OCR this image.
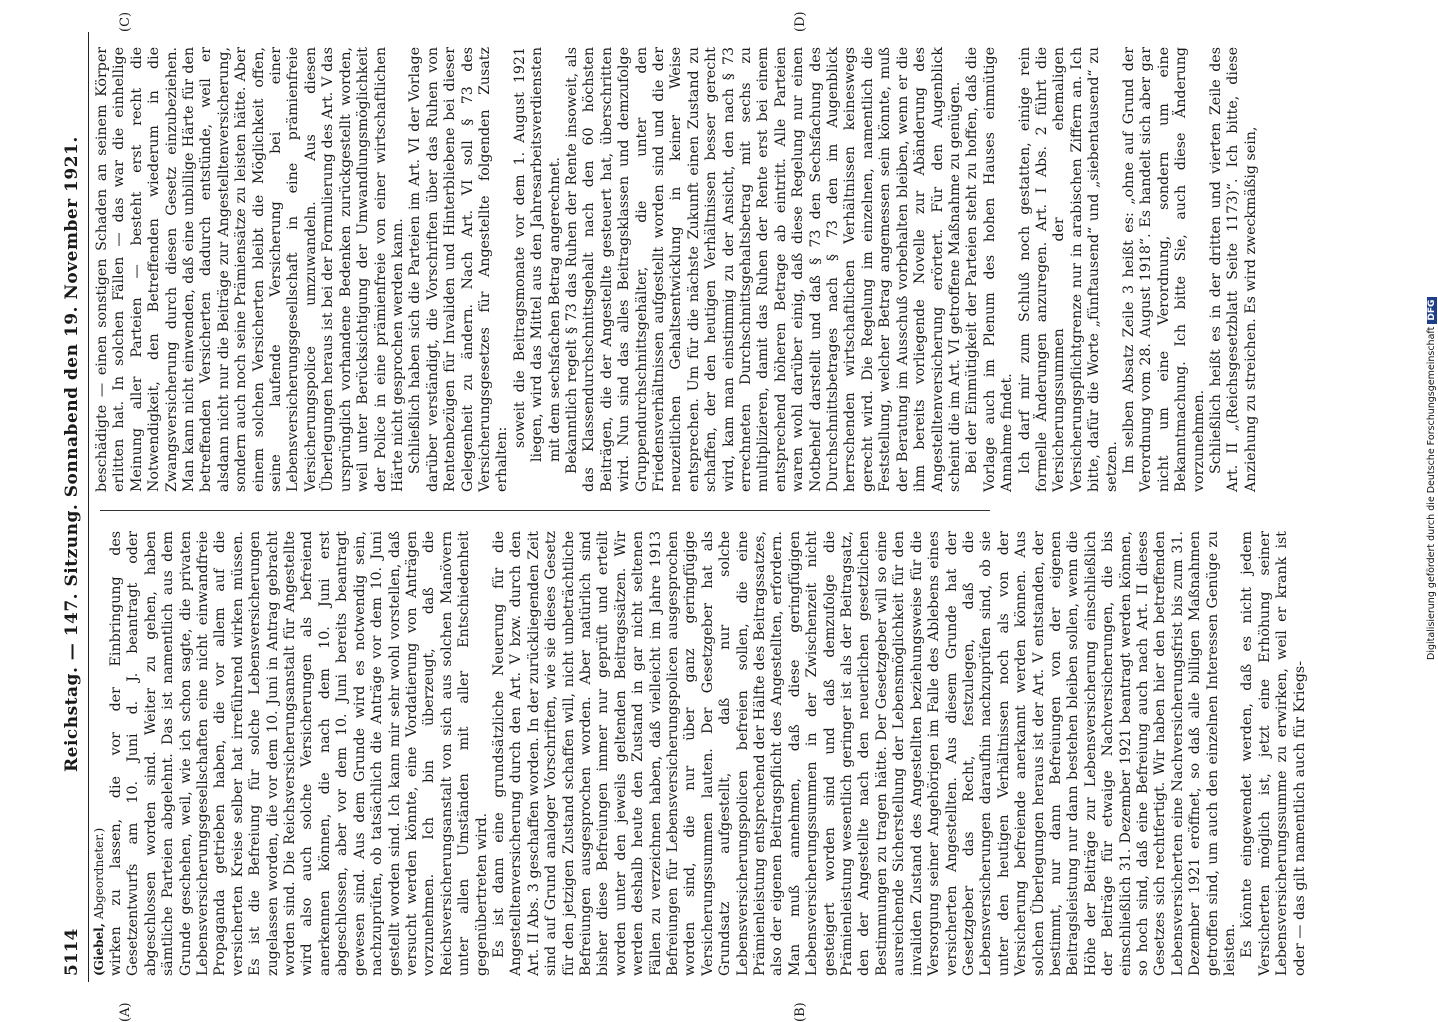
5114
Reichstag. — 147. Sitzung. Sonnabend den 19. November 1921.
(Giebel, Abgeordneter.) wirken zu lassen, die vor der Einbringung des Gesetzentwurfs am 10. Juni d. J. beantragt oder abgeschlossen worden sind. Weiter zu gehen, haben sämtliche Parteien abgelehnt. Das ist namentlich aus dem Grunde geschehen, weil, wie ich schon sagte, die privaten Lebensversicherungsgesellschaften eine nicht einwandfreie Propaganda getrieben haben, die vor allem auf die versicherten Kreise selber hat irreführend wirken müssen. Es ist die Befreiung für solche Lebensversicherungen zugelassen worden, die vor dem 10. Juni in Antrag gebracht worden sind. Die Reichsversicherungsanstalt für Angestellte wird also auch solche Versicherungen als befreiend anerkennen können, die nach dem 10. Juni erst abgeschlossen, aber vor dem 10. Juni bereits beantragt gewesen sind. Aus dem Grunde wird es notwendig sein, nachzuprüfen, ob tatsächlich die Anträge vor dem 10. Juni gestellt worden sind. Ich kann mir sehr wohl vorstellen, daß versucht werden könnte, eine Vordatierung von Anträgen vorzunehmen. Ich bin überzeugt, daß die Reichsversicherungsanstalt von sich aus solchen Manövern unter allen Umständen mit aller Entschiedenheit gegenübertreten wird. Es ist dann eine grundsätzliche Neuerung für die Angestelltenversicherung durch den Art. V bzw. durch den Art. II Abs. 3 geschaffen worden. In der zurückliegenden Zeit sind auf Grund analoger Vorschriften, wie sie dieses Gesetz für den jetzigen Zustand schaffen will, nicht unbeträchtliche Befreiungen ausgesprochen worden. Aber natürlich sind bisher diese Befreiungen immer nur geprüft und erteilt worden unter den jeweils geltenden Beitragssätzen. Wir werden deshalb heute den Zustand in gar nicht seltenen Fällen zu verzeichnen haben, daß vielleicht im Jahre 1913 Befreiungen für Lebensversicherungspolicen ausgesprochen worden sind, die nur über ganz geringfügige Versicherungssummen lauten. Der Gesetzgeber hat als Grundsatz aufgestellt, daß nur solche Lebensversicherungspolicen befreien sollen, die eine Prämienleistung entsprechend der Hälfte des Beitragssatzes, also der eigenen Beitragspflicht des Angestellten, erfordern. Man muß annehmen, daß diese geringfügigen Lebensversicherungssummen in der Zwischenzeit nicht gesteigert worden sind und daß demzufolge die Prämienleistung wesentlich geringer ist als der Beitragsatz, den der Angestellte nach den neuerlichen gesetzlichen Bestimmungen zu tragen hätte. Der Gesetzgeber will so eine ausreichende Sicherstellung der Lebensmöglichkeit für den invaliden Zustand des Angestellten beziehungsweise für die Versorgung seiner Angehörigen im Falle des Ablebens eines versicherten Angestellten. Aus diesem Grunde hat der Gesetzgeber das Recht, festzulegen, daß die Lebensversicherungen daraufhin nachzuprüfen sind, ob sie unter den heutigen Verhältnissen noch als von der Versicherung befreiende anerkannt werden können. Aus solchen Überlegungen heraus ist der Art. V entstanden, der bestimmt, nur dann Befreiungen von der eigenen Beitragsleistung nur dann bestehen bleiben sollen, wenn die Höhe der Beiträge zur Lebensversicherung einschließlich der Beiträge für etwaige Nachversicherungen, die bis einschließlich 31. Dezember 1921 beantragt werden können, so hoch sind, daß eine Befreiung auch nach Art. II dieses Gesetzes sich rechtfertigt. Wir haben hier den betreffenden Lebensversicherten eine Nachversicherungsfrist bis zum 31. Dezember 1921 eröffnet, so daß alle billigen Maßnahmen getroffen sind, um auch den einzelnen Interessen Genüge zu leisten. Es könnte eingewendet werden, daß es nicht jedem Versicherten möglich ist, jetzt eine Erhöhung seiner Lebensversicherungssumme zu erwirken, weil er krank ist oder — das gilt namentlich auch für Kriegs-

beschädigte — einen sonstigen Schaden an seinem Körper erlitten hat. In solchen Fällen — das war die einhellige Meinung aller Parteien — besteht erst recht die Notwendigkeit, den Betreffenden wiederum in die Zwangsversicherung durch diesen Gesetz einzubeziehen. Man kann nicht einwenden, daß eine unbillige Härte für den betreffenden Versicherten dadurch entstünde, weil er alsdann nicht nur die Beiträge zur Angestelltenversicherung, sondern auch noch seine Prämiensätze zu leisten hätte. Aber einem solchen Versicherten bleibt die Möglichkeit offen, seine laufende Versicherung bei einer Lebensversicherungsgesellschaft in eine prämienfreie Versicherungspolice umzuwandeln. Aus diesen Überlegungen heraus ist bei der Formulierung des Art. V das ursprünglich vorhandene Bedenken zurückgestellt worden, weil unter Berücksichtigung der Umwandlungsmöglichkeit der Police in eine prämienfreie von einer wirtschaftlichen Härte nicht gesprochen werden kann. Schließlich haben sich die Parteien im Art. VI der Vorlage darüber verständigt, die Vorschriften über das Ruhen von Rentenbezügen für Invaliden und Hinterbliebene bei dieser Gelegenheit zu ändern. Nach Art. VI soll § 73 des Versicherungsgesetzes für Angestellte folgenden Zusatz erhalten:

soweit die Beitragsmonate vor dem 1. August 1921 liegen, wird das Mittel aus den Jahresarbeitsverdiensten mit dem sechsfachen Betrag angerechnet. Bekanntlich regelt § 73 das Ruhen der Rente insoweit, als das Klassendurchschnittsgehalt nach den 60 höchsten Beiträgen, die der Angestellte gesteuert hat, überschritten wird. Nun sind das alles Beitragsklassen und demzufolge Gruppendurchschnittsgehälter, die unter den Friedensverhältnissen aufgestellt worden sind und die der neuzeitlichen Gehaltsentwicklung in keiner Weise entsprechen. Um für die nächste Zukunft einen Zustand zu schaffen, der den heutigen Verhältnissen besser gerecht wird, kam man einstimmig zu der Ansicht, den nach § 73 errechneten Durchschnittsgehaltsbetrag mit sechs zu multiplizieren, damit das Ruhen der Rente erst bei einem entsprechend höheren Betrage ab eintritt. Alle Parteien waren wohl darüber einig, daß diese Regelung nur einen Notbehelf darstellt und daß § 73 den Sechsfachung des Durchschnittsbetrages nach § 73 den im Augenblick herrschenden wirtschaftlichen Verhältnissen keineswegs gerecht wird. Die Regelung im einzelnen, namentlich die Feststellung, welcher Betrag angemessen sein könnte, muß der Beratung im Ausschuß vorbehalten bleiben, wenn er die ihm bereits vorliegende Novelle zur Abänderung des Angestelltenversicherung erörtert. Für den Augenblick scheint die im Art. VI getroffene Maßnahme zu genügen. Bei der Einmütigkeit der Parteien steht zu hoffen, daß die Vorlage auch im Plenum des hohen Hauses einmütige Annahme findet. Ich darf mir zum Schluß noch gestatten, einige rein formelle Änderungen anzuregen. Art. I Abs. 2 führt die Versicherungssummen der ehemaligen Versicherungspflichtgrenze nur in arabischen Ziffern an. Ich bitte, dafür die Worte „fünftausend“ und „siebentausend“ zu setzen. Im selben Absatz Zeile 3 heißt es: „ohne auf Grund der Verordnung vom 28. August 1918“. Es handelt sich aber gar nicht um eine Verordnung, sondern um eine Bekanntmachung. Ich bitte Sie, auch diese Änderung vorzunehmen. Schließlich heißt es in der dritten und vierten Zeile des Art. II „(Reichsgesetzblatt Seite 1173)“. Ich bitte, diese Anziehung zu streichen. Es wird zweckmäßig sein,

(A)	(B)
(C)	(D)
Digitalisierung gefördert durch die Deutsche Forschungsgemeinschaft DFG
